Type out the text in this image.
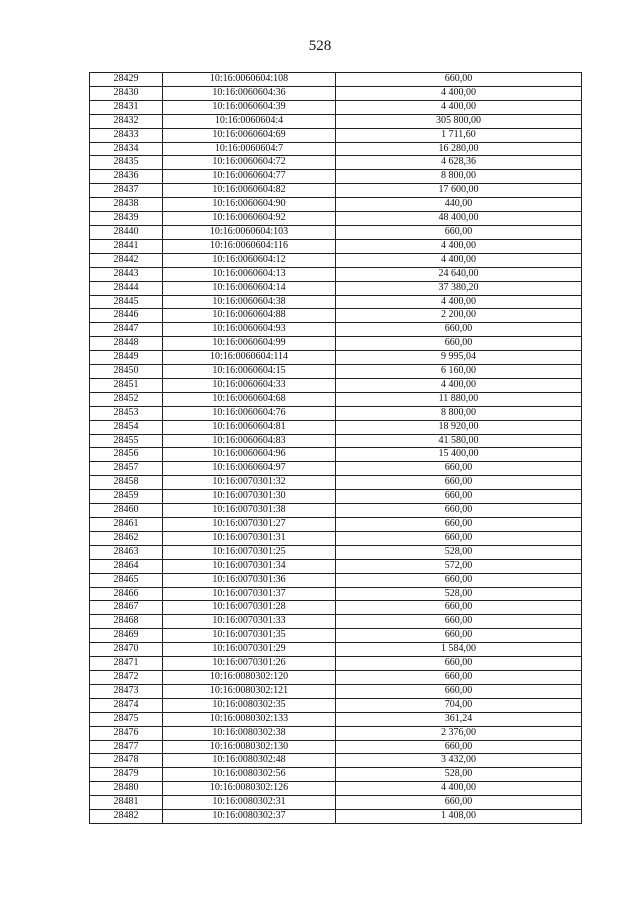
528
28429	10:16:0060604:108	660,00
28430	10:16:0060604:36	4 400,00
28431	10:16:0060604:39	4 400,00
28432	10:16:0060604:4	305 800,00
28433	10:16:0060604:69	1 711,60
28434	10:16:0060604:7	16 280,00
28435	10:16:0060604:72	4 628,36
28436	10:16:0060604:77	8 800,00
28437	10:16:0060604:82	17 600,00
28438	10:16:0060604:90	440,00
28439	10:16:0060604:92	48 400,00
28440	10:16:0060604:103	660,00
28441	10:16:0060604:116	4 400,00
28442	10:16:0060604:12	4 400,00
28443	10:16:0060604:13	24 640,00
28444	10:16:0060604:14	37 380,20
28445	10:16:0060604:38	4 400,00
28446	10:16:0060604:88	2 200,00
28447	10:16:0060604:93	660,00
28448	10:16:0060604:99	660,00
28449	10:16:0060604:114	9 995,04
28450	10:16:0060604:15	6 160,00
28451	10:16:0060604:33	4 400,00
28452	10:16:0060604:68	11 880,00
28453	10:16:0060604:76	8 800,00
28454	10:16:0060604:81	18 920,00
28455	10:16:0060604:83	41 580,00
28456	10:16:0060604:96	15 400,00
28457	10:16:0060604:97	660,00
28458	10:16:0070301:32	660,00
28459	10:16:0070301:30	660,00
28460	10:16:0070301:38	660,00
28461	10:16:0070301:27	660,00
28462	10:16:0070301:31	660,00
28463	10:16:0070301:25	528,00
28464	10:16:0070301:34	572,00
28465	10:16:0070301:36	660,00
28466	10:16:0070301:37	528,00
28467	10:16:0070301:28	660,00
28468	10:16:0070301:33	660,00
28469	10:16:0070301:35	660,00
28470	10:16:0070301:29	1 584,00
28471	10:16:0070301:26	660,00
28472	10:16:0080302:120	660,00
28473	10:16:0080302:121	660,00
28474	10:16:0080302:35	704,00
28475	10:16:0080302:133	361,24
28476	10:16:0080302:38	2 376,00
28477	10:16:0080302:130	660,00
28478	10:16:0080302:48	3 432,00
28479	10:16:0080302:56	528,00
28480	10:16:0080302:126	4 400,00
28481	10:16:0080302:31	660,00
28482	10:16:0080302:37	1 408,00
